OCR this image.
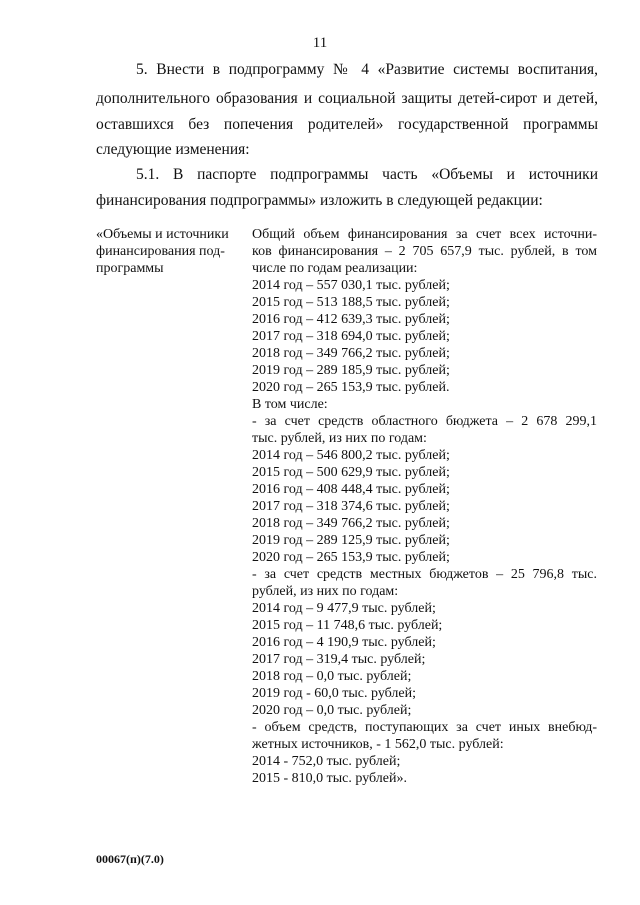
11
5. Внести в подпрограмму № 4 «Развитие системы воспитания,
дополнительного образования и социальной защиты детей-сирот и детей,
оставшихся без попечения родителей» государственной программы
следующие изменения:
5.1. В паспорте подпрограммы часть «Объемы и источники
финансирования подпрограммы» изложить в следующей редакции:
«Объемы и источники
финансирования под-
программы
Общий объем финансирования за счет всех источни-
ков финансирования – 2 705 657,9 тыс. рублей, в том
числе по годам реализации:
2014 год – 557 030,1 тыс. рублей;
2015 год – 513 188,5 тыс. рублей;
2016 год – 412 639,3 тыс. рублей;
2017 год – 318 694,0 тыс. рублей;
2018 год – 349 766,2 тыс. рублей;
2019 год – 289 185,9 тыс. рублей;
2020 год – 265 153,9 тыс. рублей.
В том числе:
- за счет средств областного бюджета – 2 678 299,1
тыс. рублей, из них по годам:
2014 год – 546 800,2 тыс. рублей;
2015 год – 500 629,9 тыс. рублей;
2016 год – 408 448,4 тыс. рублей;
2017 год – 318 374,6 тыс. рублей;
2018 год – 349 766,2 тыс. рублей;
2019 год – 289 125,9 тыс. рублей;
2020 год – 265 153,9 тыс. рублей;
- за счет средств местных бюджетов – 25 796,8 тыс.
рублей, из них по годам:
2014 год – 9 477,9 тыс. рублей;
2015 год – 11 748,6 тыс. рублей;
2016 год – 4 190,9 тыс. рублей;
2017 год – 319,4 тыс. рублей;
2018 год – 0,0 тыс. рублей;
2019 год - 60,0 тыс. рублей;
2020 год – 0,0 тыс. рублей;
- объем средств, поступающих за счет иных внебюд-
жетных источников, - 1 562,0 тыс. рублей:
2014 - 752,0 тыс. рублей;
2015 - 810,0 тыс. рублей».
00067(п)(7.0)
